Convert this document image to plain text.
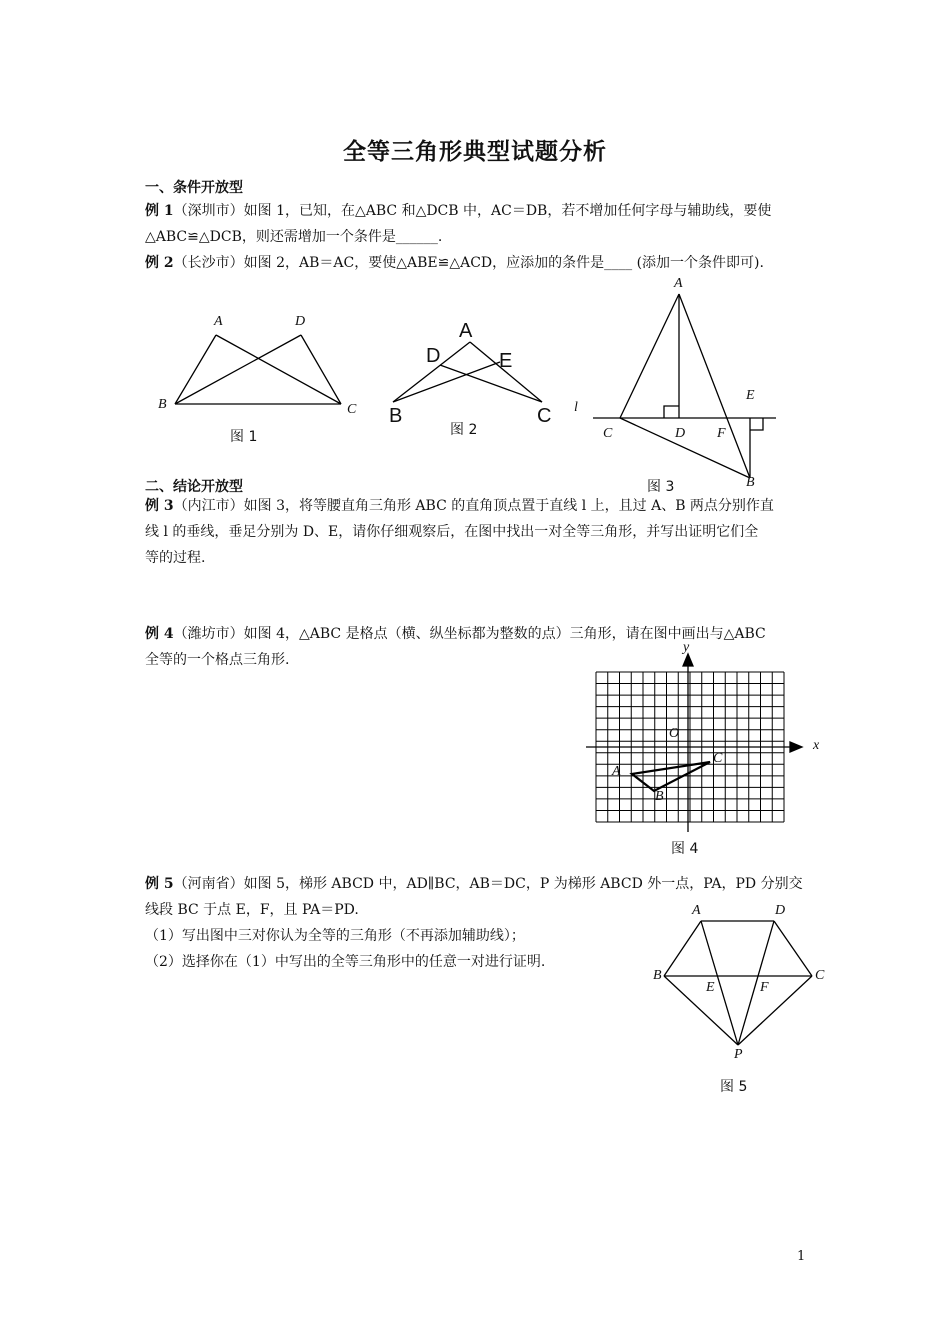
全等三角形典型试题分析
一、条件开放型
例 1（深圳市）如图 1，已知，在△ABC 和△DCB 中，AC＝DB，若不增加任何字母与辅助线，要使
△ABC≌△DCB，则还需增加一个条件是______.
例 2（长沙市）如图 2，AB＝AC，要使△ABE≌△ACD，应添加的条件是____ (添加一个条件即可).
A	D
B	C
图 1
A
D	E
B	C
图 2
A
E
l
C	D F
B
图 3
二、结论开放型
例 3（内江市）如图 3，将等腰直角三角形 ABC 的直角顶点置于直线 l 上，且过 A、B 两点分别作直
线 l 的垂线，垂足分别为 D、E，请你仔细观察后，在图中找出一对全等三角形，并写出证明它们全
等的过程.
例 4（潍坊市）如图 4，△ABC 是格点（横、纵坐标都为整数的点）三角形，请在图中画出与△ABC
全等的一个格点三角形.
y
x
O
A
C
B
图 4
例 5（河南省）如图 5，梯形 ABCD 中，AD∥BC，AB＝DC，P 为梯形 ABCD 外一点，PA，PD 分别交
线段 BC 于点 E，F，且 PA＝PD.
（1）写出图中三对你认为全等的三角形（不再添加辅助线）；
（2）选择你在（1）中写出的全等三角形中的任意一对进行证明.
A	D
B	C
E	F
P
图 5
1
